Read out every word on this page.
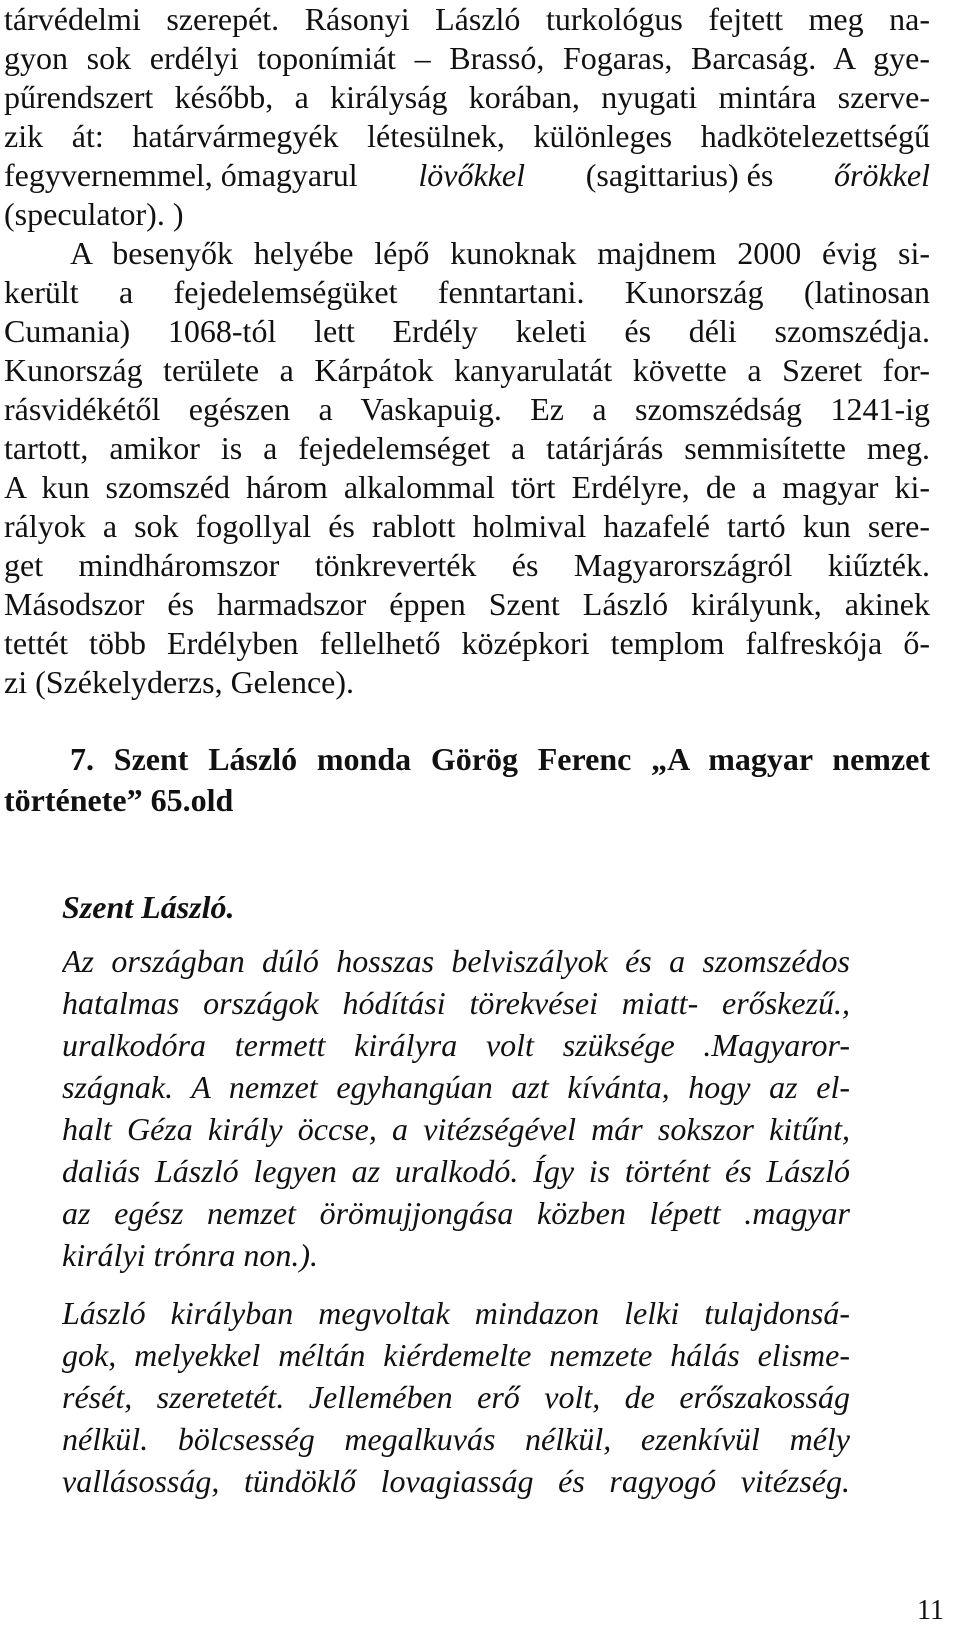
tárvédelmi szerepét. Rásonyi László turkológus fejtett meg na-
gyon sok erdélyi toponímiát – Brassó, Fogaras, Barcaság. A gye-
pűrendszert később, a királyság korában, nyugati mintára szerve-
zik át: határvármegyék létesülnek, különleges hadkötelezettségű
fegyvernemmel, ómagyarul lövőkkel (sagittarius) és őrökkel
(speculator). )
A besenyők helyébe lépő kunoknak majdnem 2000 évig si-
került a fejedelemségüket fenntartani. Kunország (latinosan
Cumania) 1068-tól lett Erdély keleti és déli szomszédja.
Kunország területe a Kárpátok kanyarulatát követte a Szeret for-
rásvidékétől egészen a Vaskapuig. Ez a szomszédság 1241-ig
tartott, amikor is a fejedelemséget a tatárjárás semmisítette meg.
A kun szomszéd három alkalommal tört Erdélyre, de a magyar ki-
rályok a sok fogollyal és rablott holmival hazafelé tartó kun sere-
get mindháromszor tönkreverték és Magyarországról kiűzték.
Másodszor és harmadszor éppen Szent László királyunk, akinek
tettét több Erdélyben fellelhető középkori templom falfreskója ő-
zi (Székelyderzs, Gelence).
7. Szent László monda Görög Ferenc „A magyar nemzet
története” 65.old
Szent László.
Az országban dúló hosszas belviszályok és a szomszédos
hatalmas országok hódítási törekvései miatt- erőskezű.,
uralkodóra termett királyra volt szüksége .Magyaror-
szágnak. A nemzet egyhangúan azt kívánta, hogy az el-
halt Géza király öccse, a vitézségével már sokszor kitűnt,
daliás László legyen az uralkodó. Így is történt és László
az egész nemzet örömujjongása közben lépett .magyar
királyi trónra non.).
László királyban megvoltak mindazon lelki tulajdonsá-
gok, melyekkel méltán kiérdemelte nemzete hálás elisme-
rését, szeretetét. Jellemében erő volt, de erőszakosság
nélkül. bölcsesség megalkuvás nélkül, ezenkívül mély
vallásosság, tündöklő lovagiasság és ragyogó vitézség.
11
